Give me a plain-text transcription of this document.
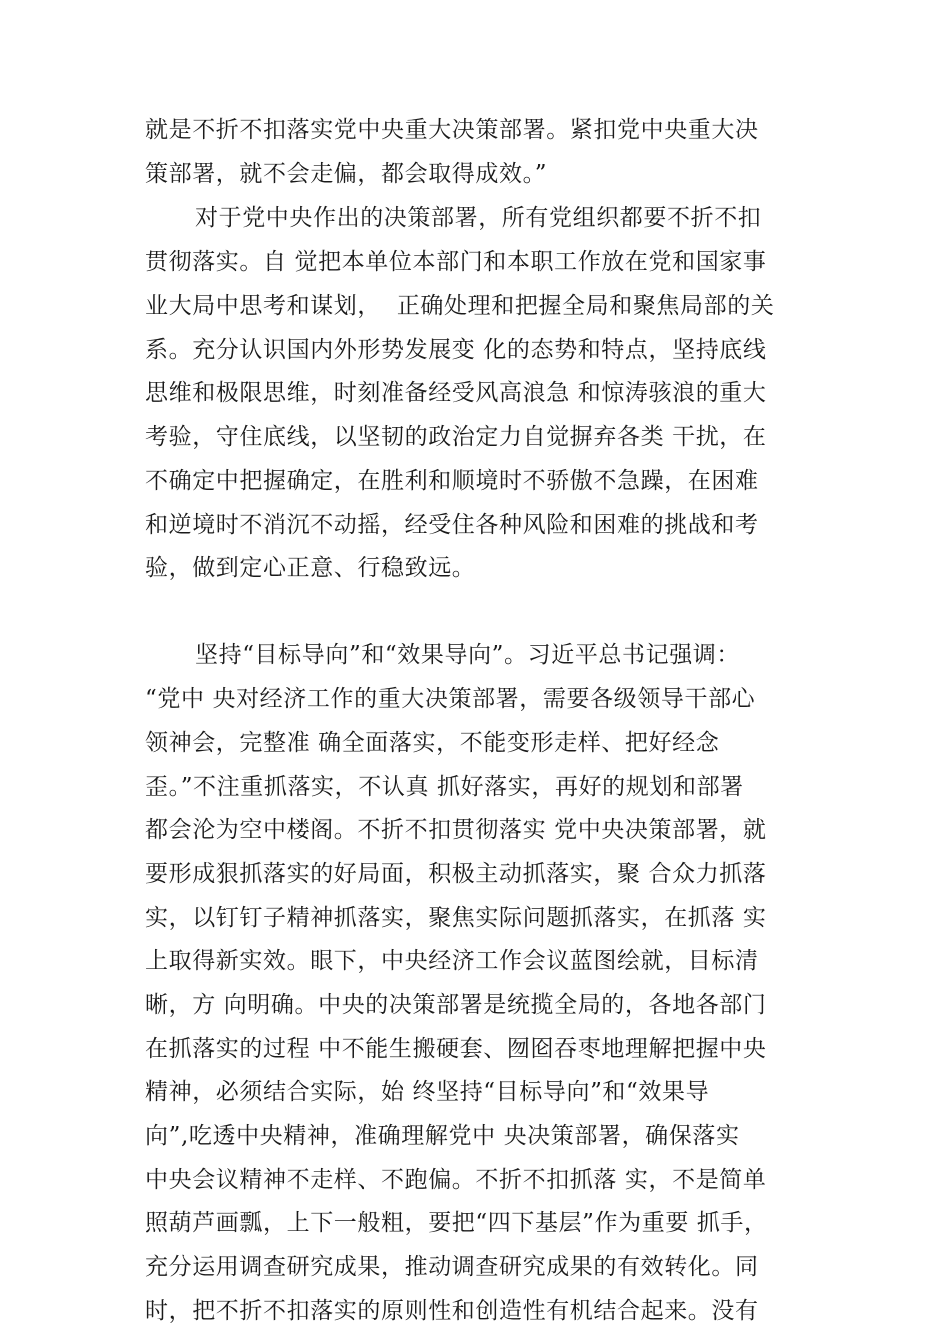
就是不折不扣落实党中央重大决策部署。紧扣党中央重大决
策部署，就不会走偏，都会取得成效。”
对于党中央作出的决策部署，所有党组织都要不折不扣
贯彻落实。自 觉把本单位本部门和本职工作放在党和国家事
业大局中思考和谋划，  正确处理和把握全局和聚焦局部的关
系。充分认识国内外形势发展变 化的态势和特点，坚持底线
思维和极限思维，时刻准备经受风高浪急 和惊涛骇浪的重大
考验，守住底线，以坚韧的政治定力自觉摒弃各类 干扰，在
不确定中把握确定，在胜利和顺境时不骄傲不急躁，在困难
和逆境时不消沉不动摇，经受住各种风险和困难的挑战和考
验，做到定心正意、行稳致远。
坚持“目标导向”和“效果导向”。习近平总书记强调：
“党中 央对经济工作的重大决策部署，需要各级领导干部心
领神会，完整准 确全面落实，不能变形走样、把好经念
歪。”不注重抓落实，不认真 抓好落实，再好的规划和部署
都会沦为空中楼阁。不折不扣贯彻落实 党中央决策部署，就
要形成狠抓落实的好局面，积极主动抓落实，聚 合众力抓落
实，以钉钉子精神抓落实，聚焦实际问题抓落实，在抓落 实
上取得新实效。眼下，中央经济工作会议蓝图绘就，目标清
晰，方 向明确。中央的决策部署是统揽全局的，各地各部门
在抓落实的过程 中不能生搬硬套、囫囵吞枣地理解把握中央
精神，必须结合实际，始 终坚持“目标导向”和“效果导
向”,吃透中央精神，准确理解党中 央决策部署，确保落实
中央会议精神不走样、不跑偏。不折不扣抓落 实，不是简单
照葫芦画瓢，上下一般粗，要把“四下基层”作为重要 抓手，
充分运用调查研究成果，推动调查研究成果的有效转化。同
时，把不折不扣落实的原则性和创造性有机结合起来。没有
